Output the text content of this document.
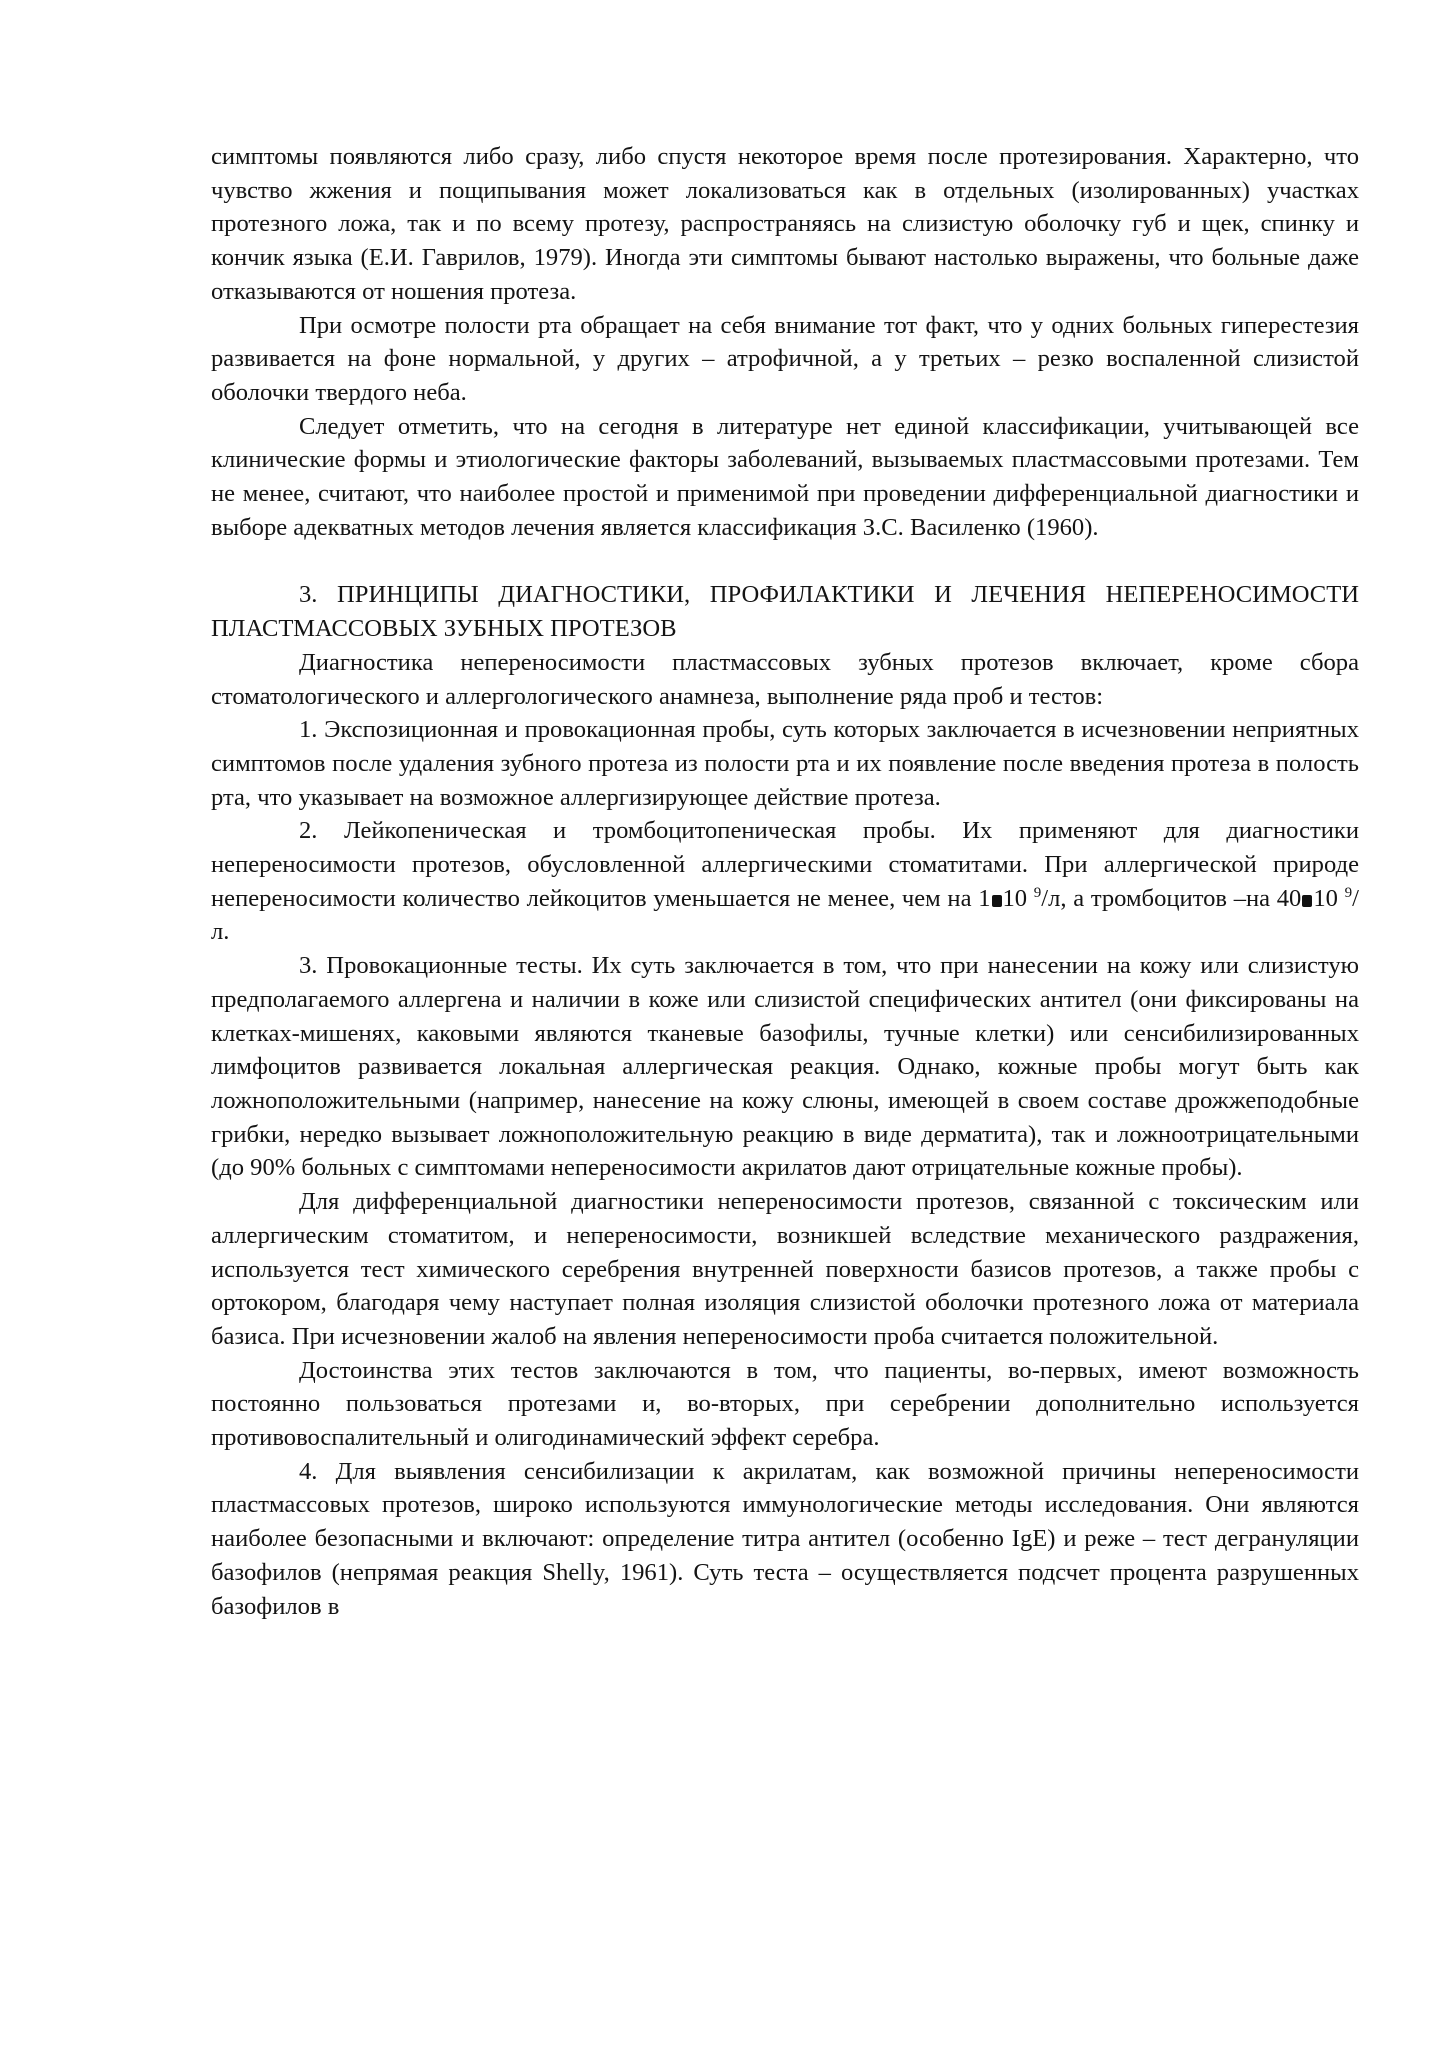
симптомы появляются либо сразу, либо спустя некоторое время после протезирования. Характерно, что чувство жжения и пощипывания может локализоваться как в отдельных (изолированных) участках протезного ложа, так и по всему протезу, распространяясь на слизистую оболочку губ и щек, спинку и кончик языка (Е.И. Гаврилов, 1979). Иногда эти симптомы бывают настолько выражены, что больные даже отказываются от ношения протеза.

При осмотре полости рта обращает на себя внимание тот факт, что у одних больных гиперестезия развивается на фоне нормальной, у других – атрофичной, а у третьих – резко воспаленной слизистой оболочки твердого неба.

Следует отметить, что на сегодня в литературе нет единой классификации, учитывающей все клинические формы и этиологические факторы заболеваний, вызываемых пластмассовыми протезами. Тем не менее, считают, что наиболее простой и применимой при проведении дифференциальной диагностики и выборе адекватных методов лечения является классификация З.С. Василенко (1960).

3. ПРИНЦИПЫ ДИАГНОСТИКИ, ПРОФИЛАКТИКИ И ЛЕЧЕНИЯ НЕПЕРЕНОСИМОСТИ ПЛАСТМАССОВЫХ ЗУБНЫХ ПРОТЕЗОВ

Диагностика непереносимости пластмассовых зубных протезов включает, кроме сбора стоматологического и аллергологического анамнеза, выполнение ряда проб и тестов:

1. Экспозиционная и провокационная пробы, суть которых заключается в исчезновении неприятных симптомов после удаления зубного протеза из полости рта и их появление после введения протеза в полость рта, что указывает на возможное аллергизирующее действие протеза.

2. Лейкопеническая и тромбоцитопеническая пробы. Их применяют для диагностики непереносимости протезов, обусловленной аллергическими стоматитами. При аллергической природе непереносимости количество лейкоцитов уменьшается не менее, чем на 1 10 $^9$/л, а тромбоцитов –на 40 10 $^9$/л.

3. Провокационные тесты. Их суть заключается в том, что при нанесении на кожу или слизистую предполагаемого аллергена и наличии в коже или слизистой специфических антител (они фиксированы на клетках-мишенях, каковыми являются тканевые базофилы, тучные клетки) или сенсибилизированных лимфоцитов развивается локальная аллергическая реакция. Однако, кожные пробы могут быть как ложноположительными (например, нанесение на кожу слюны, имеющей в своем составе дрожжеподобные грибки, нередко вызывает ложноположительную реакцию в виде дерматита), так и ложноотрицательными (до 90% больных с симптомами непереносимости акрилатов дают отрицательные кожные пробы).

Для дифференциальной диагностики непереносимости протезов, связанной с токсическим или аллергическим стоматитом, и непереносимости, возникшей вследствие механического раздражения, используется тест химического серебрения внутренней поверхности базисов протезов, а также пробы с ортокором, благодаря чему наступает полная изоляция слизистой оболочки протезного ложа от материала базиса. При исчезновении жалоб на явления непереносимости проба считается положительной.

Достоинства этих тестов заключаются в том, что пациенты, во-первых, имеют возможность постоянно пользоваться протезами и, во-вторых, при серебрении дополнительно используется противовоспалительный и олигодинамический эффект серебра.

4. Для выявления сенсибилизации к акрилатам, как возможной причины непереносимости пластмассовых протезов, широко используются иммунологические методы исследования. Они являются наиболее безопасными и включают: определение титра антител (особенно IgE) и реже – тест дегрануляции базофилов (непрямая реакция Shelly, 1961). Суть теста – осуществляется подсчет процента разрушенных базофилов в
